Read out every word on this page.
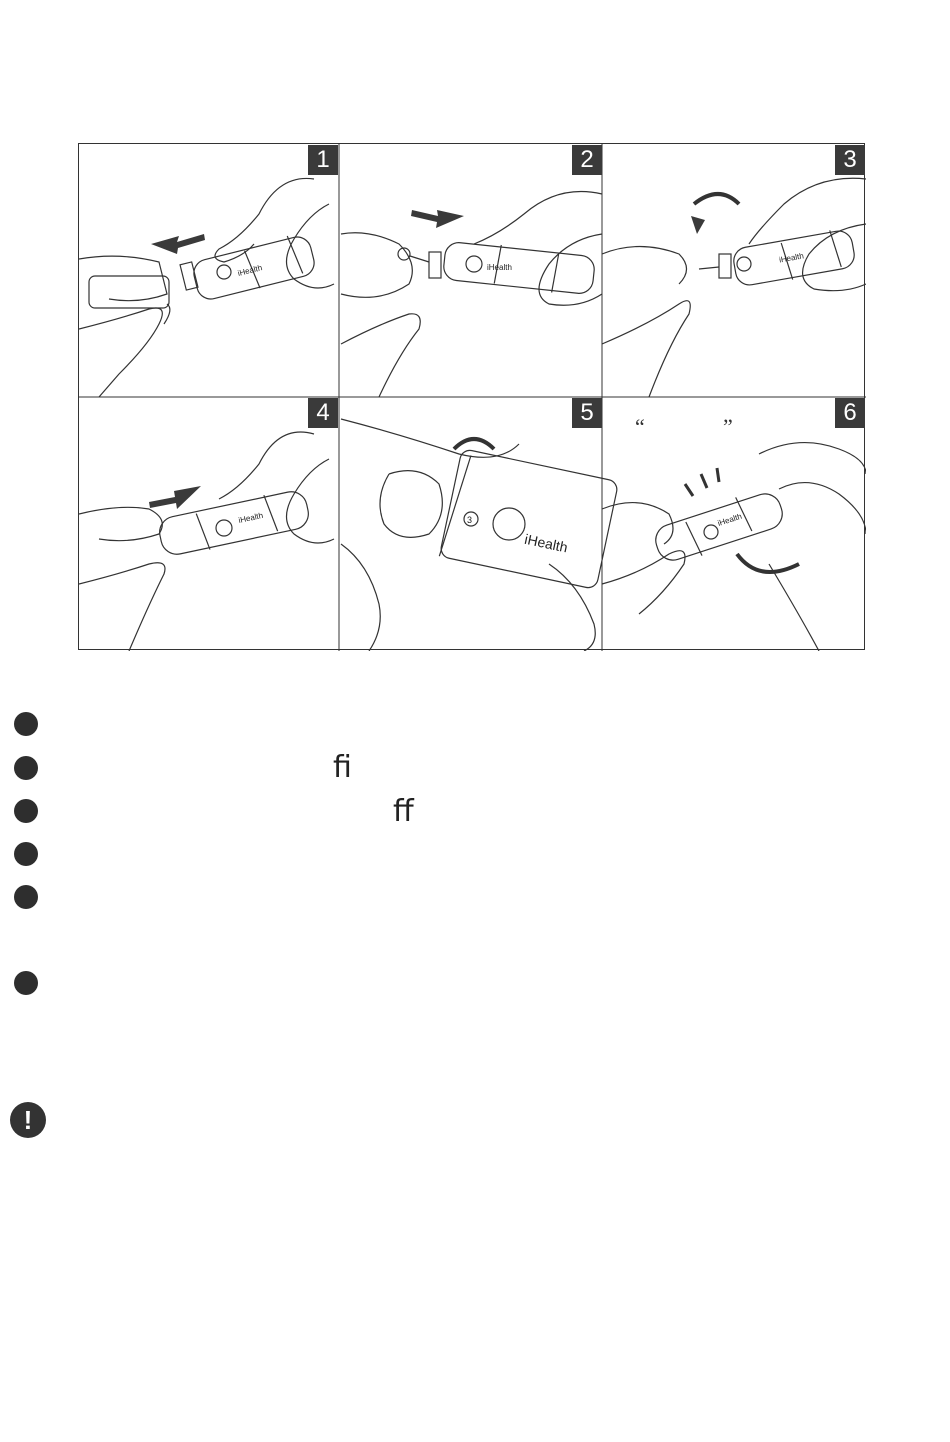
iHealth	iHealth
iHealth
iHealth
iHealth
3	iHealth
1	2	3
4	5	6
“	”
ﬁ
ﬀ
!
